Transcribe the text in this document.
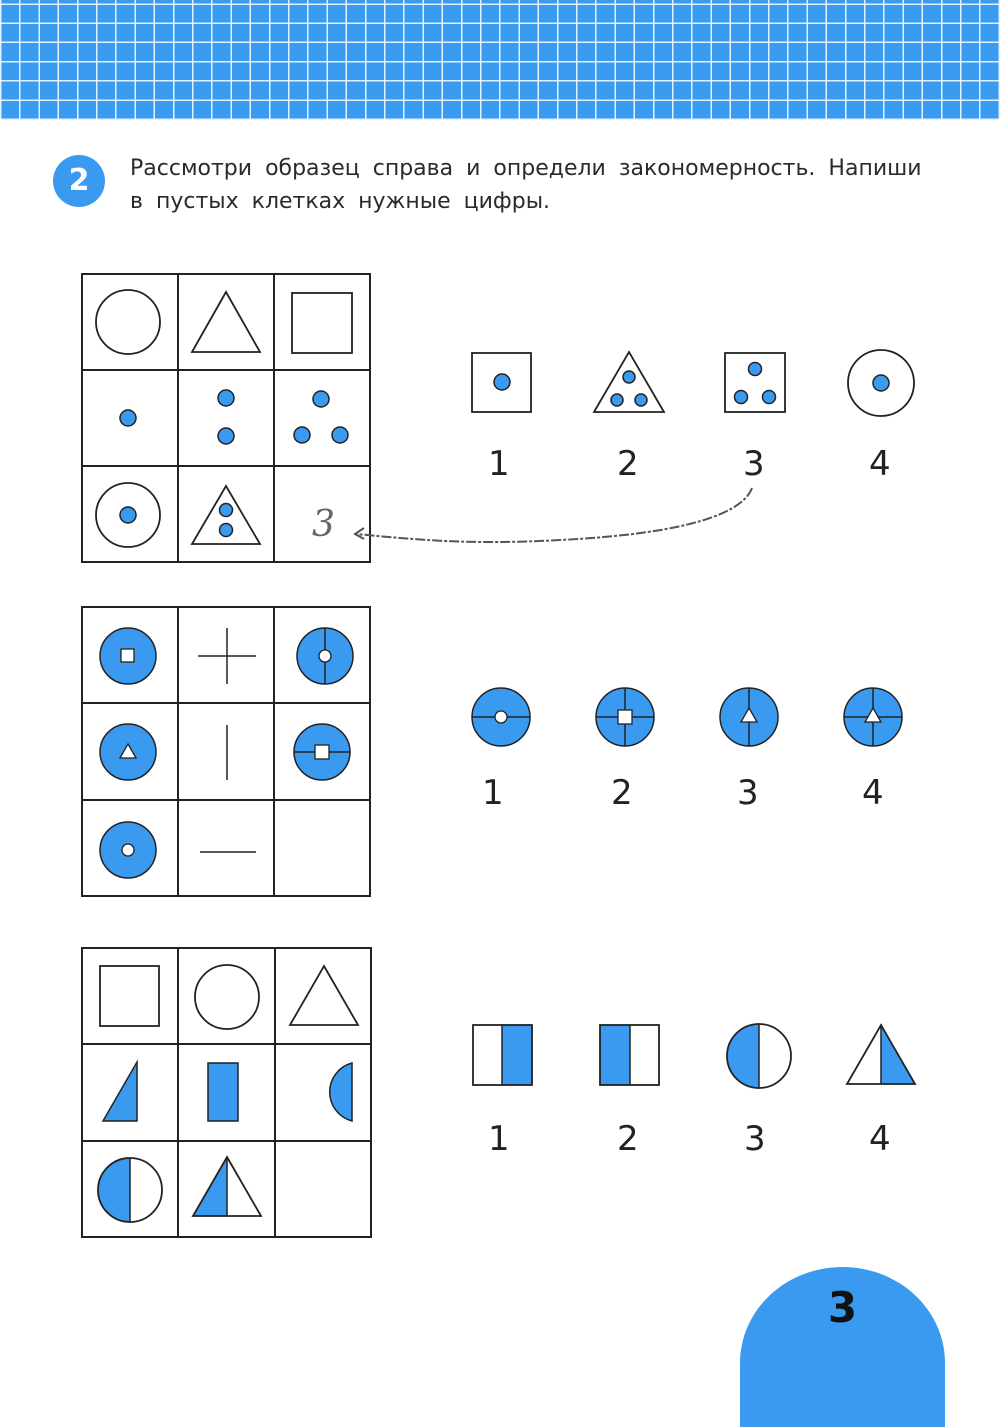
2	Рассмотри образец справа и определи закономерность. Напиши
в пустых клетках нужные цифры.
3
1	2	3	4
1	2	3	4
1	2	3	4
3
